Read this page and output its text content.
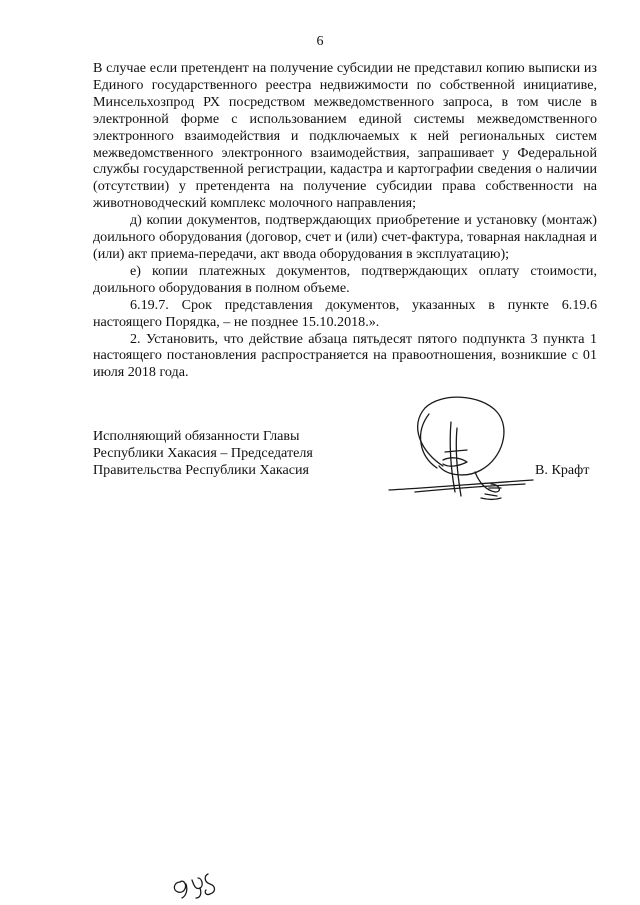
6

В случае если претендент на получение субсидии не представил копию выписки из Единого государственного реестра недвижимости по собственной инициативе, Минсельхозпрод РХ посредством межведомственного запроса, в том числе в электронной форме с использованием единой системы межведомственного электронного взаимодействия и подключаемых к ней региональных систем межведомственного электронного взаимодействия, запрашивает у Федеральной службы государственной регистрации, кадастра и картографии сведения о наличии (отсутствии) у претендента на получение субсидии права собственности на животноводческий комплекс молочного направления;

д) копии документов, подтверждающих приобретение и установку (монтаж) доильного оборудования (договор, счет и (или) счет-фактура, товарная накладная и (или) акт приема-передачи, акт ввода оборудования в эксплуатацию);

е) копии платежных документов, подтверждающих оплату стоимости, доильного оборудования в полном объеме.

6.19.7. Срок представления документов, указанных в пункте 6.19.6 настоящего Порядка, – не позднее 15.10.2018.».

2. Установить, что действие абзаца пятьдесят пятого подпункта 3 пункта 1 настоящего постановления распространяется на правоотношения, возникшие с 01 июля 2018 года.

Исполняющий обязанности Главы
Республики Хакасия – Председателя
Правительства Республики Хакасия	В. Крафт
